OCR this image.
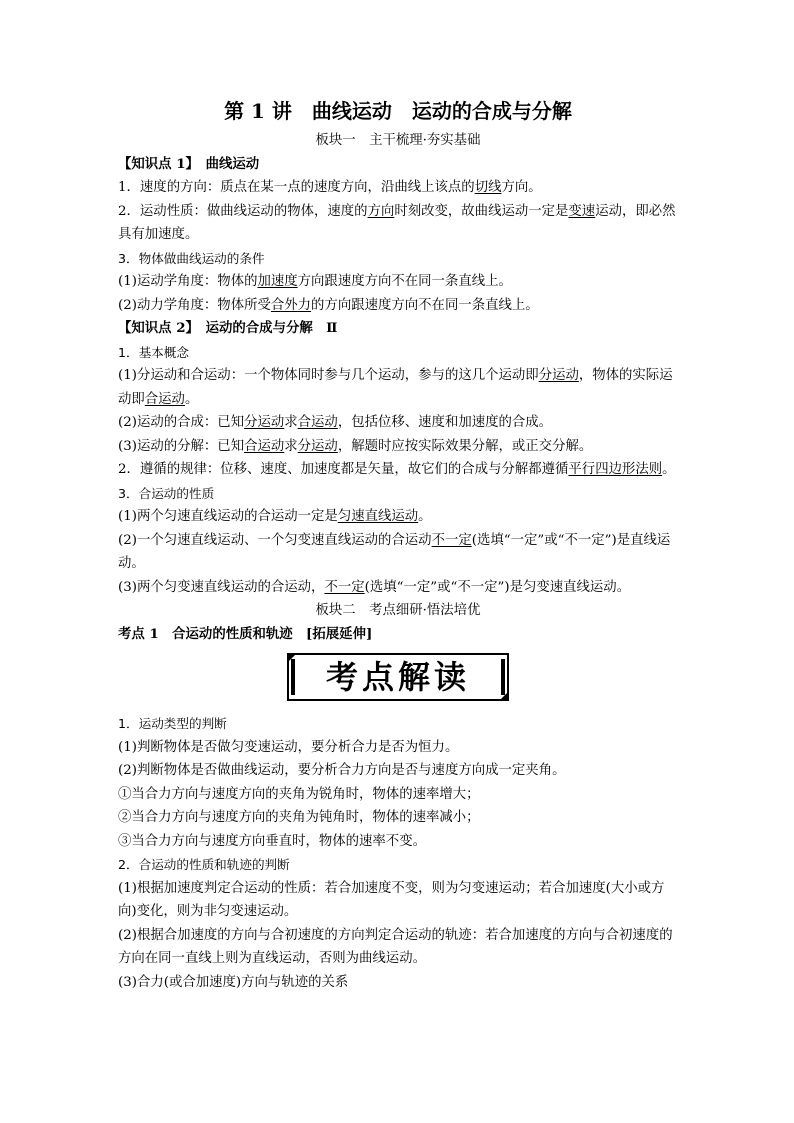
第 1 讲　曲线运动　运动的合成与分解
板块一　主干梳理·夯实基础
【知识点 1】　曲线运动
1．速度的方向：质点在某一点的速度方向，沿曲线上该点的切线方向。
2．运动性质：做曲线运动的物体，速度的方向时刻改变，故曲线运动一定是变速运动，即必然具有加速度。
3．物体做曲线运动的条件
(1)运动学角度：物体的加速度方向跟速度方向不在同一条直线上。
(2)动力学角度：物体所受合外力的方向跟速度方向不在同一条直线上。
【知识点 2】　运动的合成与分解　Ⅱ
1．基本概念
(1)分运动和合运动：一个物体同时参与几个运动，参与的这几个运动即分运动，物体的实际运动即合运动。
(2)运动的合成：已知分运动求合运动，包括位移、速度和加速度的合成。
(3)运动的分解：已知合运动求分运动，解题时应按实际效果分解，或正交分解。
2．遵循的规律：位移、速度、加速度都是矢量，故它们的合成与分解都遵循平行四边形法则。
3．合运动的性质
(1)两个匀速直线运动的合运动一定是匀速直线运动。
(2)一个匀速直线运动、一个匀变速直线运动的合运动不一定(选填“一定”或“不一定”)是直线运动。
(3)两个匀变速直线运动的合运动，不一定(选填“一定”或“不一定”)是匀变速直线运动。
板块二　考点细研·悟法培优
考点 1　合运动的性质和轨迹　[拓展延伸]
考点解读
1．运动类型的判断
(1)判断物体是否做匀变速运动，要分析合力是否为恒力。
(2)判断物体是否做曲线运动，要分析合力方向是否与速度方向成一定夹角。
①当合力方向与速度方向的夹角为锐角时，物体的速率增大；
②当合力方向与速度方向的夹角为钝角时，物体的速率减小；
③当合力方向与速度方向垂直时，物体的速率不变。
2．合运动的性质和轨迹的判断
(1)根据加速度判定合运动的性质：若合加速度不变，则为匀变速运动；若合加速度(大小或方向)变化，则为非匀变速运动。
(2)根据合加速度的方向与合初速度的方向判定合运动的轨迹：若合加速度的方向与合初速度的方向在同一直线上则为直线运动，否则为曲线运动。
(3)合力(或合加速度)方向与轨迹的关系
